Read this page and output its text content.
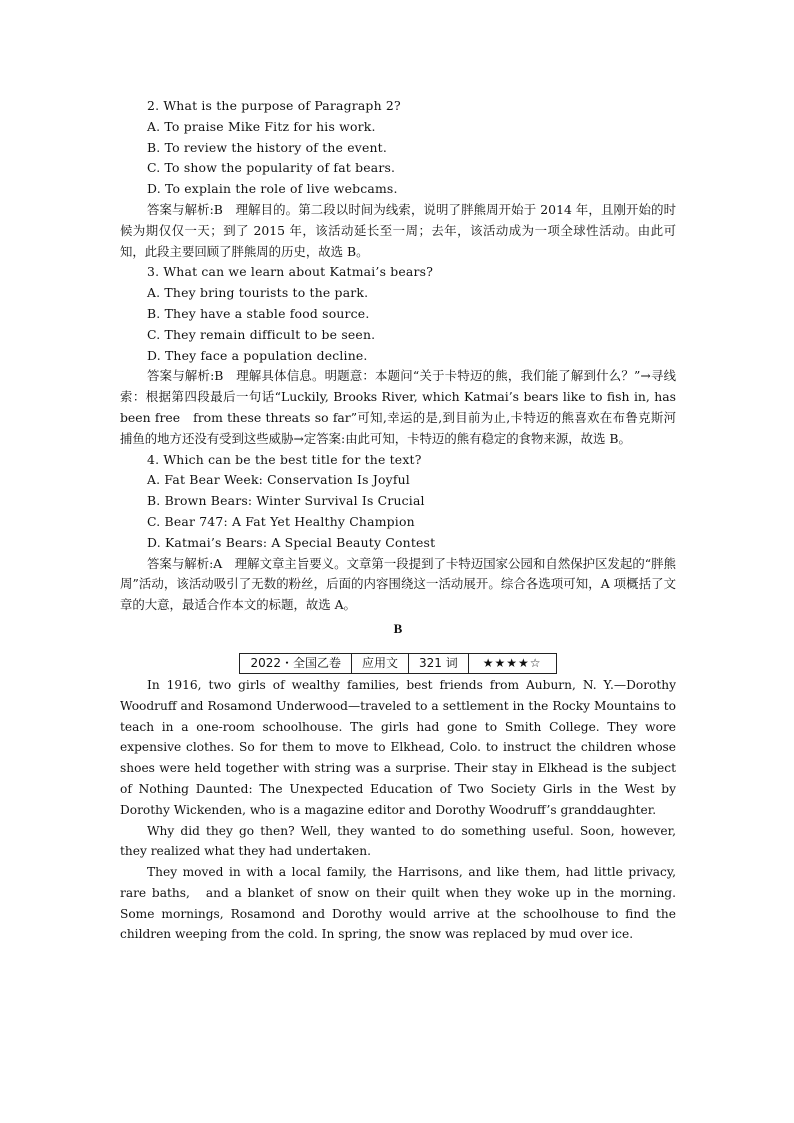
2. What is the purpose of Paragraph 2?

A. To praise Mike Fitz for his work.

B. To review the history of the event.

C. To show the popularity of fat bears.

D. To explain the role of live webcams.

答案与解析:B　理解目的。第二段以时间为线索，说明了胖熊周开始于 2014 年，且刚开始的时候为期仅仅一天；到了 2015 年，该活动延长至一周；去年，该活动成为一项全球性活动。由此可知，此段主要回顾了胖熊周的历史，故选 B。

3. What can we learn about Katmai’s bears?

A. They bring tourists to the park.

B. They have a stable food source.

C. They remain difficult to be seen.

D. They face a population decline.

答案与解析:B　理解具体信息。明题意：本题问“关于卡特迈的熊，我们能了解到什么？”→寻线索：根据第四段最后一句话“Luckily, Brooks River, which Katmai’s bears like to fish in, has been free　from these threats so far”可知,幸运的是,到目前为止,卡特迈的熊喜欢在布鲁克斯河捕鱼的地方还没有受到这些威胁→定答案:由此可知，卡特迈的熊有稳定的食物来源，故选 B。

4. Which can be the best title for the text?

A. Fat Bear Week: Conservation Is Joyful

B. Brown Bears: Winter Survival Is Crucial

C. Bear 747: A Fat Yet Healthy Champion

D. Katmai’s Bears: A Special Beauty Contest

答案与解析:A　理解文章主旨要义。文章第一段提到了卡特迈国家公园和自然保护区发起的“胖熊周”活动，该活动吸引了无数的粉丝，后面的内容围绕这一活动展开。综合各选项可知，A 项概括了文章的大意，最适合作本文的标题，故选 A。

B

2022・全国乙卷	应用文	321 词	★★★★☆

In 1916, two girls of wealthy families, best friends from Auburn, N. Y.—Dorothy Woodruff and Rosamond Underwood—traveled to a settlement in the Rocky Mountains to teach in a one-room schoolhouse. The girls had gone to Smith College. They wore expensive clothes. So for them to move to Elkhead, Colo. to instruct the children whose shoes were held together with string was a surprise. Their stay in Elkhead is the subject of Nothing Daunted: The Unexpected Education of Two Society Girls in the West by Dorothy Wickenden, who is a magazine editor and Dorothy Woodruff’s granddaughter.

Why did they go then? Well, they wanted to do something useful. Soon, however, they realized what they had undertaken.

They moved in with a local family, the Harrisons, and like them, had little privacy, rare baths,　and a blanket of snow on their quilt when they woke up in the morning. Some mornings, Rosamond and Dorothy would arrive at the schoolhouse to find the children weeping from the cold. In spring, the snow was replaced by mud over ice.
